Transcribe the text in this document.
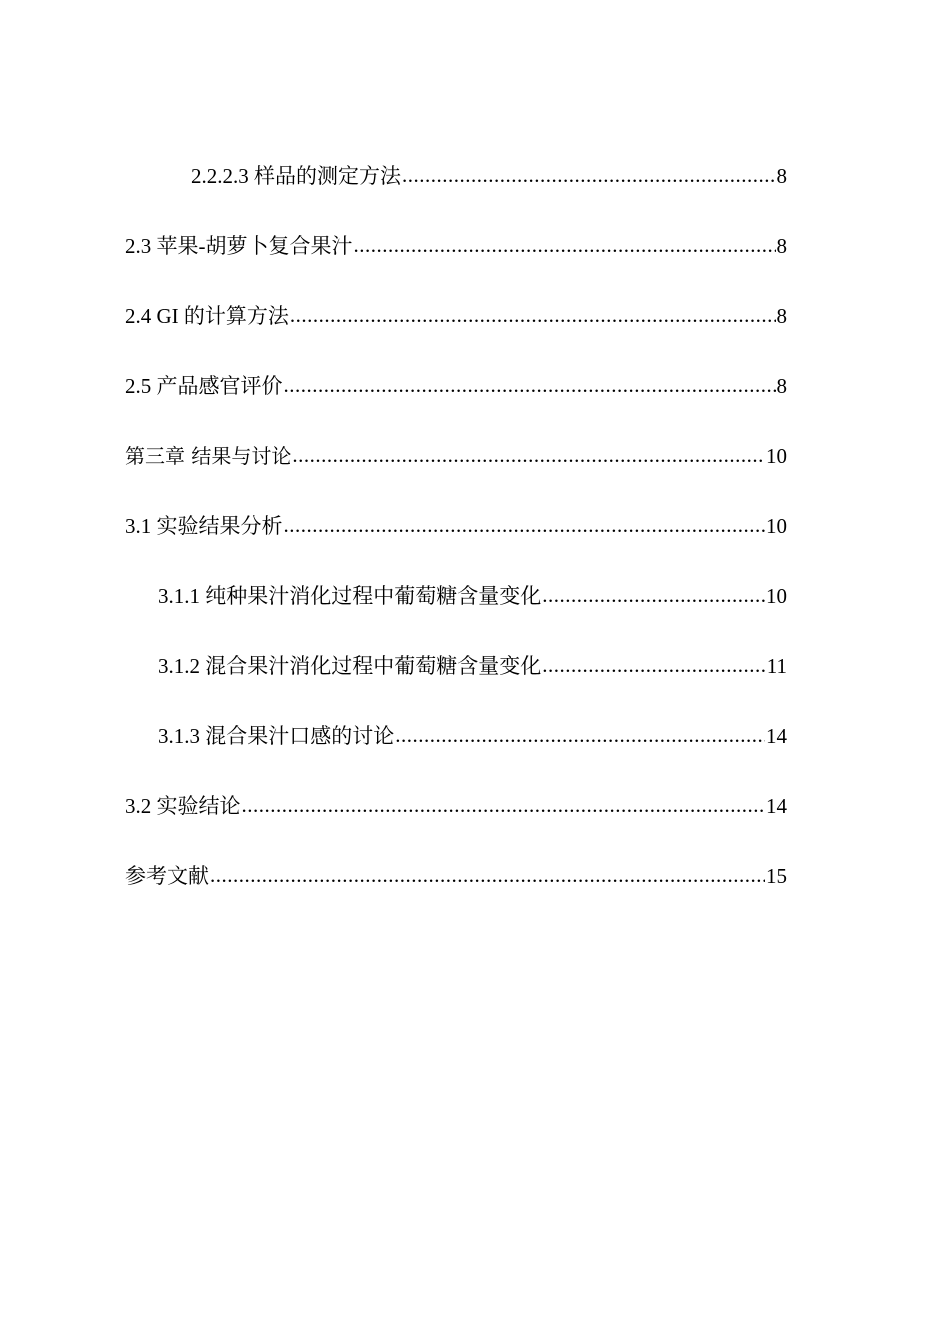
2.2.2.3 样品的测定方法 .....	8
2.3 苹果-胡萝卜复合果汁 .....	8
2.4 GI 的计算方法 .....	8
2.5 产品感官评价 .....	8
第三章 结果与讨论 .....	10
3.1 实验结果分析 .....	10
3.1.1 纯种果汁消化过程中葡萄糖含量变化 .....	10
3.1.2 混合果汁消化过程中葡萄糖含量变化 .....	11
3.1.3 混合果汁口感的讨论 .....	14
3.2 实验结论 .....	14
参考文献 .....	15
